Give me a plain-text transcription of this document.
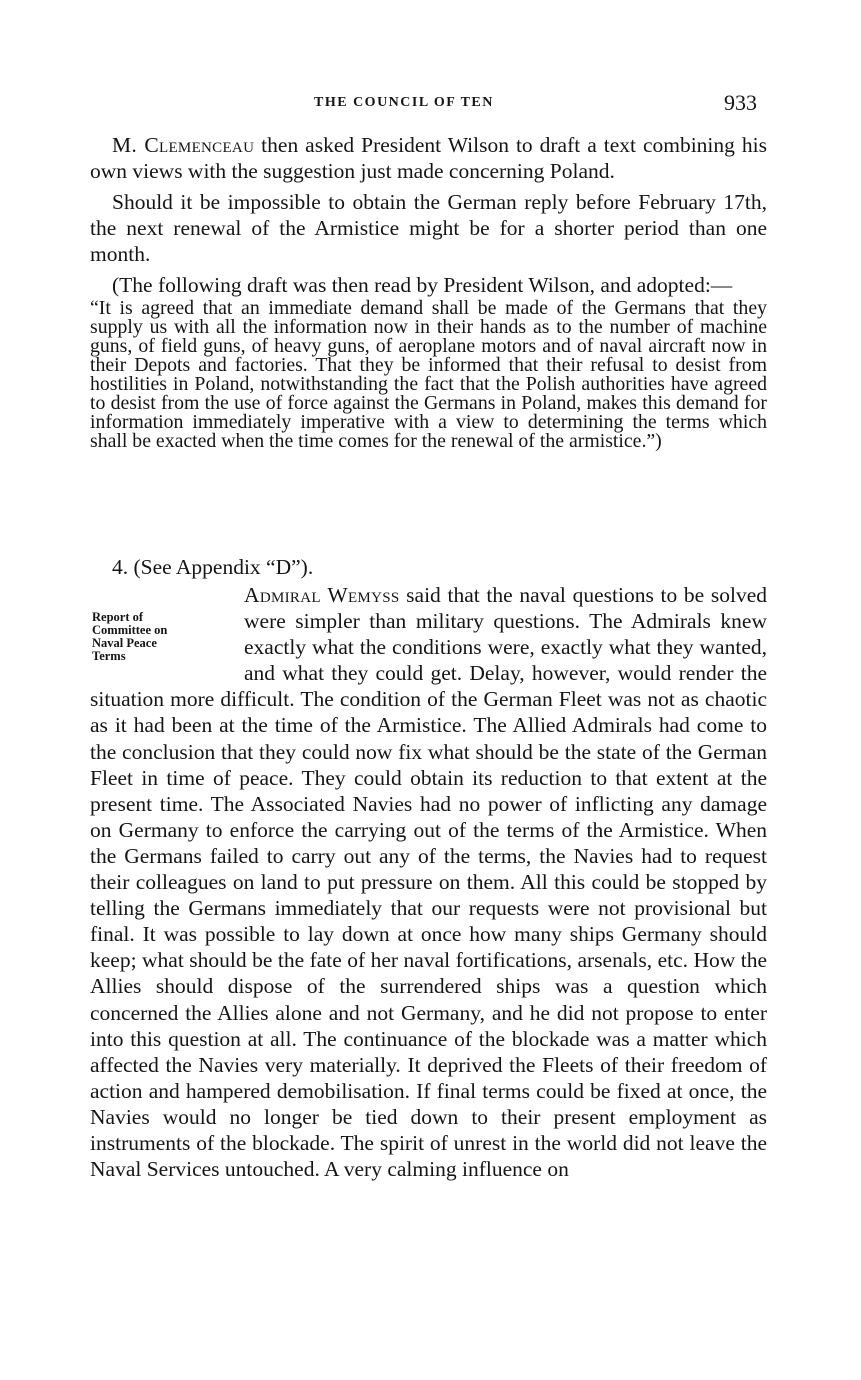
THE COUNCIL OF TEN	933

M. Clemenceau then asked President Wilson to draft a text combining his own views with the suggestion just made concerning Poland.

Should it be impossible to obtain the German reply before February 17th, the next renewal of the Armistice might be for a shorter period than one month.

(The following draft was then read by President Wilson, and adopted:—

“It is agreed that an immediate demand shall be made of the Germans that they supply us with all the information now in their hands as to the number of machine guns, of field guns, of heavy guns, of aeroplane motors and of naval aircraft now in their Depots and factories. That they be informed that their refusal to desist from hostilities in Poland, notwithstanding the fact that the Polish authorities have agreed to desist from the use of force against the Germans in Poland, makes this demand for information immediately imperative with a view to determining the terms which shall be exacted when the time comes for the renewal of the armistice.”)

4. (See Appendix “D”).

Report of
Committee on
Naval Peace
Terms

Admiral Wemyss said that the naval questions to be solved were simpler than military questions. The Admirals knew exactly what the conditions were, exactly what they wanted, and what they could get. Delay, however, would render the situation more difficult. The condition of the German Fleet was not as chaotic as it had been at the time of the Armistice. The Allied Admirals had come to the conclusion that they could now fix what should be the state of the German Fleet in time of peace. They could obtain its reduction to that extent at the present time. The Associated Navies had no power of inflicting any damage on Germany to enforce the carrying out of the terms of the Armistice. When the Germans failed to carry out any of the terms, the Navies had to request their colleagues on land to put pressure on them. All this could be stopped by telling the Germans immediately that our requests were not provisional but final. It was possible to lay down at once how many ships Germany should keep; what should be the fate of her naval fortifications, arsenals, etc. How the Allies should dispose of the surrendered ships was a question which concerned the Allies alone and not Germany, and he did not propose to enter into this question at all. The continuance of the blockade was a matter which affected the Navies very materially. It deprived the Fleets of their freedom of action and hampered demobilisation. If final terms could be fixed at once, the Navies would no longer be tied down to their present employment as instruments of the blockade. The spirit of unrest in the world did not leave the Naval Services untouched. A very calming influence on
